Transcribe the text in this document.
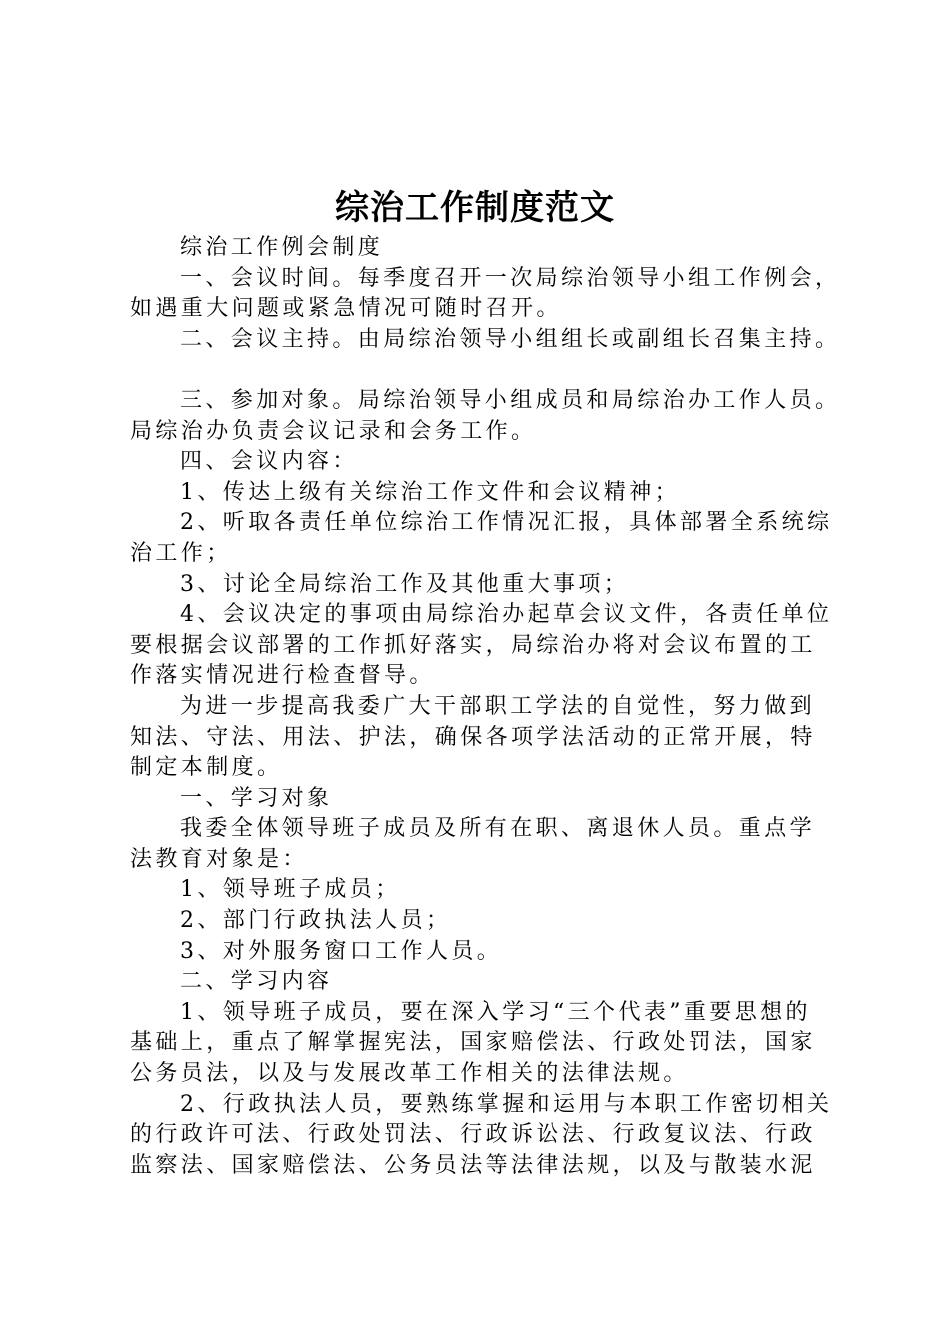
综治工作制度范文
综治工作例会制度
一、会议时间。每季度召开一次局综治领导小组工作例会，
如遇重大问题或紧急情况可随时召开。
二、会议主持。由局综治领导小组组长或副组长召集主持。
三、参加对象。局综治领导小组成员和局综治办工作人员。
局综治办负责会议记录和会务工作。
四、会议内容：
1、传达上级有关综治工作文件和会议精神；
2、听取各责任单位综治工作情况汇报，具体部署全系统综
治工作；
3、讨论全局综治工作及其他重大事项；
4、会议决定的事项由局综治办起草会议文件，各责任单位
要根据会议部署的工作抓好落实，局综治办将对会议布置的工
作落实情况进行检查督导。
为进一步提高我委广大干部职工学法的自觉性，努力做到
知法、守法、用法、护法，确保各项学法活动的正常开展，特
制定本制度。
一、学习对象
我委全体领导班子成员及所有在职、离退休人员。重点学
法教育对象是：
1、领导班子成员；
2、部门行政执法人员；
3、对外服务窗口工作人员。
二、学习内容
1、领导班子成员，要在深入学习“三个代表”重要思想的
基础上，重点了解掌握宪法，国家赔偿法、行政处罚法，国家
公务员法，以及与发展改革工作相关的法律法规。
2、行政执法人员，要熟练掌握和运用与本职工作密切相关
的行政许可法、行政处罚法、行政诉讼法、行政复议法、行政
监察法、国家赔偿法、公务员法等法律法规，以及与散装水泥
